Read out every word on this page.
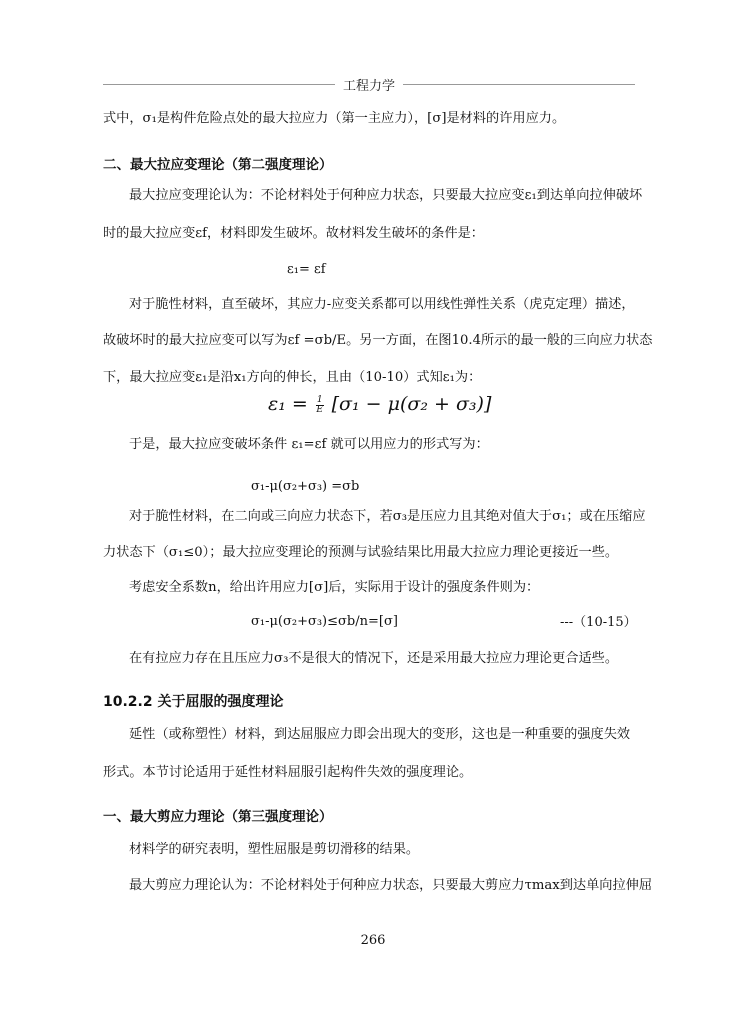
工程力学
式中，σ₁是构件危险点处的最大拉应力（第一主应力），[σ]是材料的许用应力。
二、最大拉应变理论（第二强度理论）
最大拉应变理论认为：不论材料处于何种应力状态，只要最大拉应变ε₁到达单向拉伸破坏
时的最大拉应变εf，材料即发生破坏。故材料发生破坏的条件是：
ε₁= εf
对于脆性材料，直至破坏，其应力-应变关系都可以用线性弹性关系（虎克定理）描述，
故破坏时的最大拉应变可以写为εf =σb/E。另一方面，在图10.4所示的最一般的三向应力状态
下，最大拉应变ε₁是沿x₁方向的伸长，且由（10-10）式知ε₁为：
$\varepsilon_1 = \frac{1}{E} [\sigma_1 - \mu(\sigma_2 + \sigma_3)]$
于是，最大拉应变破坏条件 ε₁=εf 就可以用应力的形式写为：
σ₁-μ(σ₂+σ₃) =σb
对于脆性材料，在二向或三向应力状态下，若σ₃是压应力且其绝对值大于σ₁；或在压缩应
力状态下（σ₁≤0）；最大拉应变理论的预测与试验结果比用最大拉应力理论更接近一些。
考虑安全系数n，给出许用应力[σ]后，实际用于设计的强度条件则为：
σ₁-μ(σ₂+σ₃)≤σb/n=[σ]	---（10-15）
在有拉应力存在且压应力σ₃不是很大的情况下，还是采用最大拉应力理论更合适些。
10.2.2 关于屈服的强度理论
延性（或称塑性）材料，到达屈服应力即会出现大的变形，这也是一种重要的强度失效
形式。本节讨论适用于延性材料屈服引起构件失效的强度理论。
一、最大剪应力理论（第三强度理论）
材料学的研究表明，塑性屈服是剪切滑移的结果。
最大剪应力理论认为：不论材料处于何种应力状态，只要最大剪应力τmax到达单向拉伸屈
266
